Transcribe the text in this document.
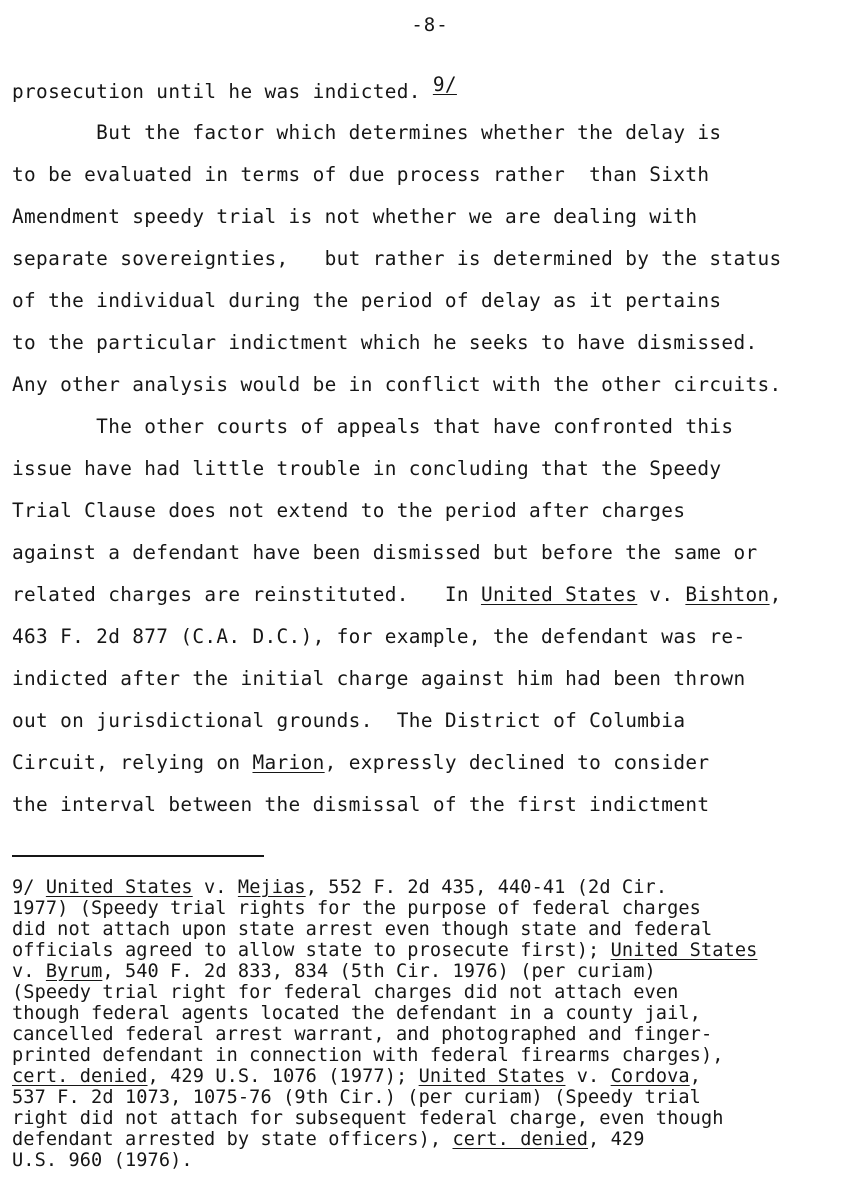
-8-
prosecution until he was indicted. 9/
But the factor which determines whether the delay is
to be evaluated in terms of due process rather  than Sixth
Amendment speedy trial is not whether we are dealing with
separate sovereignties,   but rather is determined by the status
of the individual during the period of delay as it pertains
to the particular indictment which he seeks to have dismissed.
Any other analysis would be in conflict with the other circuits.
The other courts of appeals that have confronted this
issue have had little trouble in concluding that the Speedy
Trial Clause does not extend to the period after charges
against a defendant have been dismissed but before the same or
related charges are reinstituted.   In United States v. Bishton,
463 F. 2d 877 (C.A. D.C.), for example, the defendant was re-
indicted after the initial charge against him had been thrown
out on jurisdictional grounds.  The District of Columbia
Circuit, relying on Marion, expressly declined to consider
the interval between the dismissal of the first indictment
9/ United States v. Mejias, 552 F. 2d 435, 440-41 (2d Cir.
1977) (Speedy trial rights for the purpose of federal charges
did not attach upon state arrest even though state and federal
officials agreed to allow state to prosecute first); United States
v. Byrum, 540 F. 2d 833, 834 (5th Cir. 1976) (per curiam)
(Speedy trial right for federal charges did not attach even
though federal agents located the defendant in a county jail,
cancelled federal arrest warrant, and photographed and finger-
printed defendant in connection with federal firearms charges),
cert. denied, 429 U.S. 1076 (1977); United States v. Cordova,
537 F. 2d 1073, 1075-76 (9th Cir.) (per curiam) (Speedy trial
right did not attach for subsequent federal charge, even though
defendant arrested by state officers), cert. denied, 429
U.S. 960 (1976).
